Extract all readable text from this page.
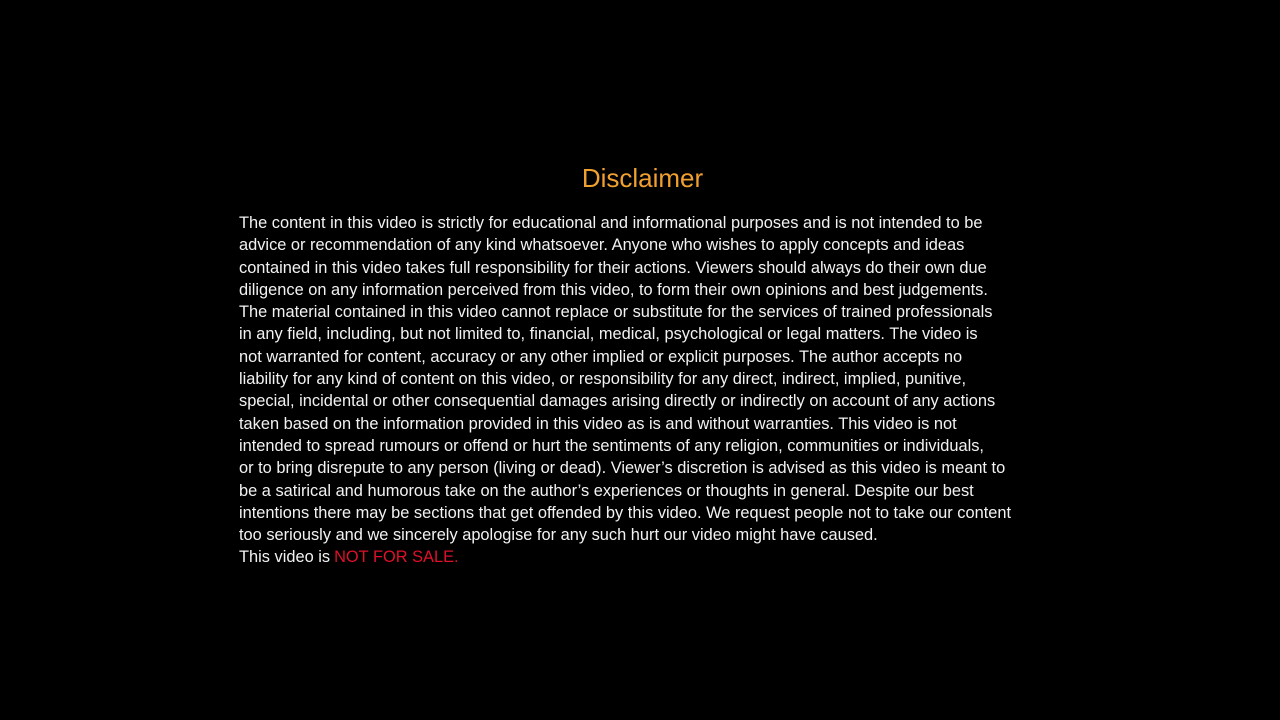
Disclaimer
The content in this video is strictly for educational and informational purposes and is not intended to be
advice or recommendation of any kind whatsoever. Anyone who wishes to apply concepts and ideas
contained in this video takes full responsibility for their actions. Viewers should always do their own due
diligence on any information perceived from this video, to form their own opinions and best judgements.
The material contained in this video cannot replace or substitute for the services of trained professionals
in any field, including, but not limited to, financial, medical, psychological or legal matters. The video is
not warranted for content, accuracy or any other implied or explicit purposes. The author accepts no
liability for any kind of content on this video, or responsibility for any direct, indirect, implied, punitive,
special, incidental or other consequential damages arising directly or indirectly on account of any actions
taken based on the information provided in this video as is and without warranties. This video is not
intended to spread rumours or offend or hurt the sentiments of any religion, communities or individuals,
or to bring disrepute to any person (living or dead). Viewer’s discretion is advised as this video is meant to
be a satirical and humorous take on the author’s experiences or thoughts in general. Despite our best
intentions there may be sections that get offended by this video. We request people not to take our content
too seriously and we sincerely apologise for any such hurt our video might have caused.
This video is NOT FOR SALE.
